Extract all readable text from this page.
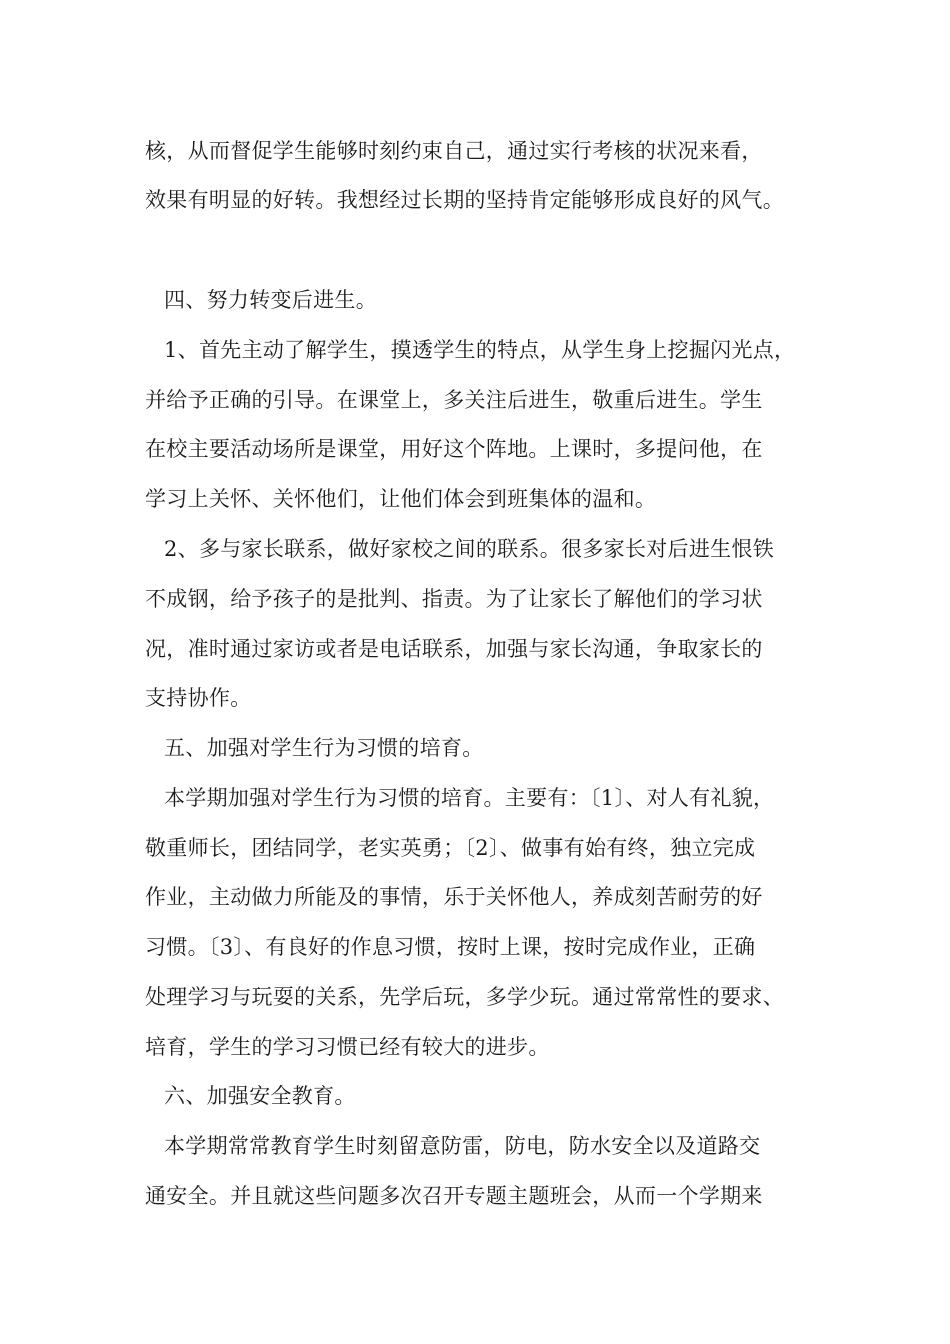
核，从而督促学生能够时刻约束自己，通过实行考核的状况来看，
效果有明显的好转。我想经过长期的坚持肯定能够形成良好的风气。
四、努力转变后进生。
1、首先主动了解学生，摸透学生的特点，从学生身上挖掘闪光点，
并给予正确的引导。在课堂上，多关注后进生，敬重后进生。学生
在校主要活动场所是课堂，用好这个阵地。上课时，多提问他，在
学习上关怀、关怀他们，让他们体会到班集体的温和。
2、多与家长联系，做好家校之间的联系。很多家长对后进生恨铁
不成钢，给予孩子的是批判、指责。为了让家长了解他们的学习状
况，准时通过家访或者是电话联系，加强与家长沟通，争取家长的
支持协作。
五、加强对学生行为习惯的培育。
本学期加强对学生行为习惯的培育。主要有：〔1〕、对人有礼貌，
敬重师长，团结同学，老实英勇；〔2〕、做事有始有终，独立完成
作业，主动做力所能及的事情，乐于关怀他人，养成刻苦耐劳的好
习惯。〔3〕、有良好的作息习惯，按时上课，按时完成作业，正确
处理学习与玩耍的关系，先学后玩，多学少玩。通过常常性的要求、
培育，学生的学习习惯已经有较大的进步。
六、加强安全教育。
本学期常常教育学生时刻留意防雷，防电，防水安全以及道路交
通安全。并且就这些问题多次召开专题主题班会，从而一个学期来
